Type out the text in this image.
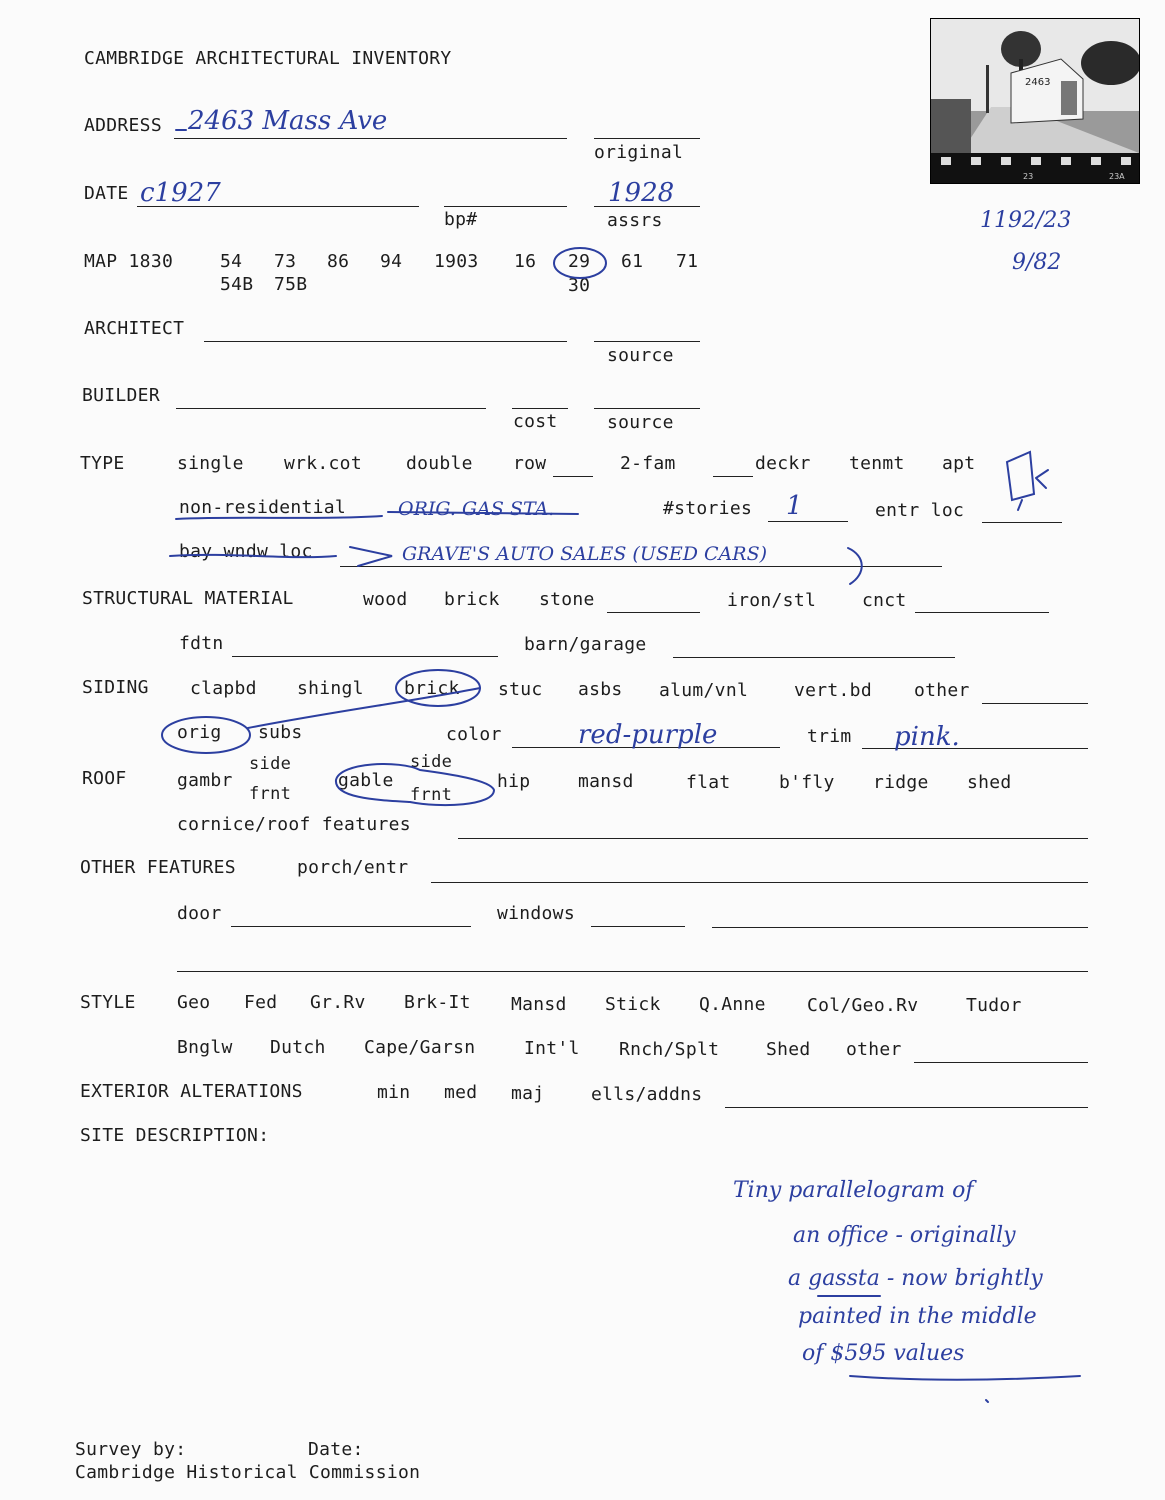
CAMBRIDGE ARCHITECTURAL INVENTORY
2463
23	23A
ADDRESS 2463 Mass Ave
original
DATE c1927
bp#
1928
assrs	1192/23
9/82
MAP 1830	54 73 86 94 1903 16 29 61 71
54B 75B	30
ARCHITECT
source
BUILDER
cost	source
TYPE	single wrk.cot double row	2-fam	deckr tenmt apt
non-residential	ORIG. GAS STA.	#stories 1	entr loc
bay wndw loc	GRAVE'S AUTO SALES (USED CARS)
STRUCTURAL MATERIAL	wood brick stone	iron/stl	cnct
fdtn	barn/garage
SIDING clapbd shingl brick stuc asbs alum/vnl	vert.bd other
orig subs	color	red-purple	trim pink.
ROOF	gambr
side
frnt
gable
side
frnt
hip	mansd	flat	b'fly ridge shed
cornice/roof features
OTHER FEATURES	porch/entr
door	windows
STYLE Geo Fed Gr.Rv Brk-It Mansd Stick Q.Anne Col/Geo.Rv	Tudor
Bnglw Dutch Cape/Garsn	Int'l Rnch/Splt	Shed other
EXTERIOR ALTERATIONS	min med maj	ells/addns
SITE DESCRIPTION:
Tiny parallelogram of
an office - originally
a gassta - now brightly
painted in the middle
of $595 values
Survey by:	Date:
Cambridge Historical Commission
